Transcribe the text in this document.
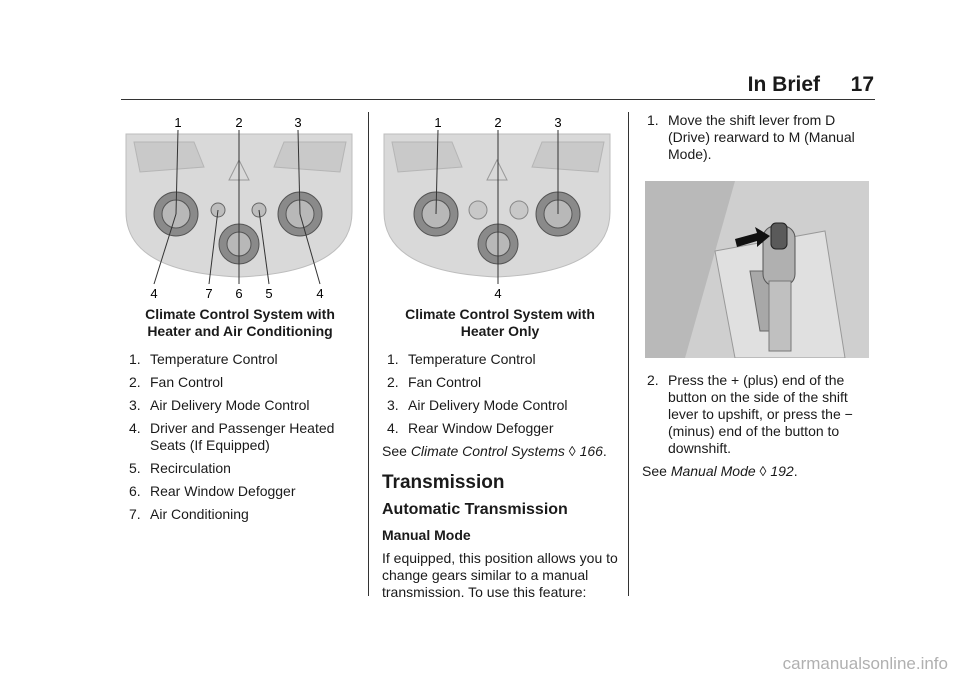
In Brief 17
1	2	3
4	7 6 5	4
Climate Control System with
Heater and Air Conditioning
1. Temperature Control
2. Fan Control
3. Air Delivery Mode Control
4. Driver and Passenger Heated Seats (If Equipped)
5. Recirculation
6. Rear Window Defogger
7. Air Conditioning
1	2	3
4
Climate Control System with
Heater Only
1. Temperature Control
2. Fan Control
3. Air Delivery Mode Control
4. Rear Window Defogger
See Climate Control Systems ◊ 166.
Transmission
Automatic Transmission
Manual Mode

If equipped, this position allows you to change gears similar to a manual transmission. To use this feature:

1. Move the shift lever from D (Drive) rearward to M (Manual Mode).
2. Press the + (plus) end of the button on the side of the shift lever to upshift, or press the − (minus) end of the button to downshift.
See Manual Mode ◊ 192.
carmanualsonline.info
